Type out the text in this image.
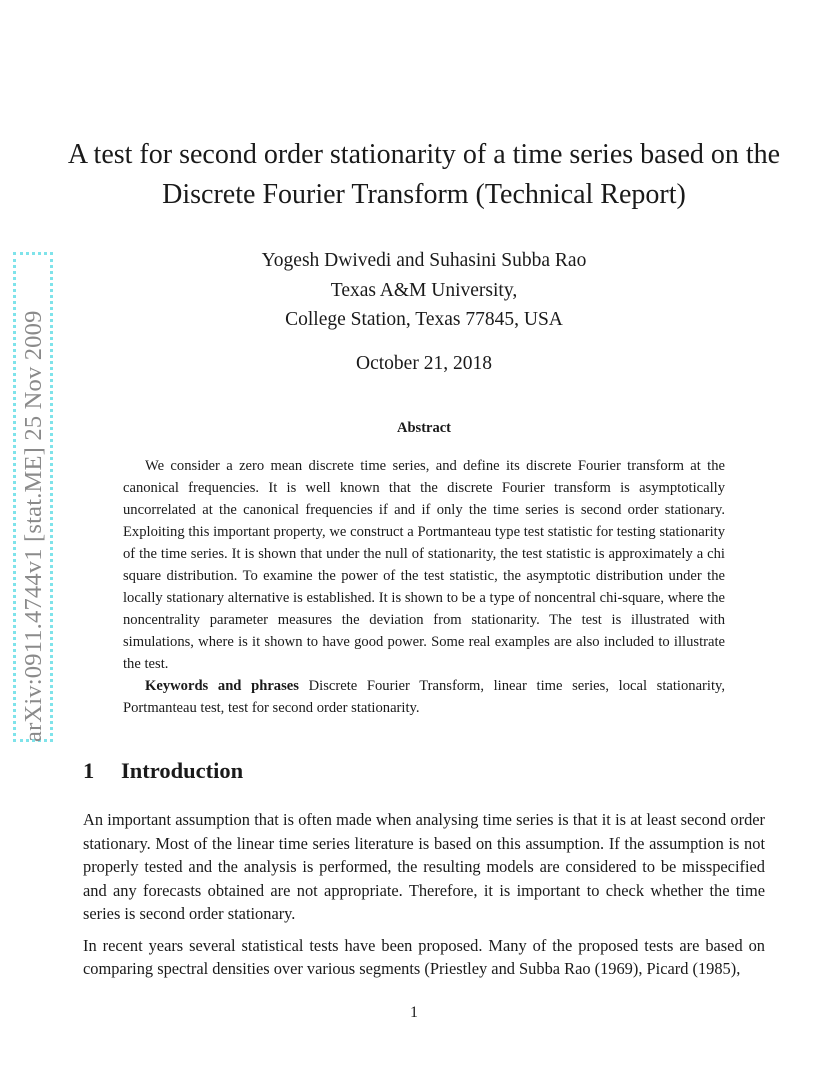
arXiv:0911.4744v1 [stat.ME] 25 Nov 2009
A test for second order stationarity of a time series based on the Discrete Fourier Transform (Technical Report)
Yogesh Dwivedi and Suhasini Subba Rao
Texas A&M University,
College Station, Texas 77845, USA
October 21, 2018
Abstract

We consider a zero mean discrete time series, and define its discrete Fourier transform at the canonical frequencies. It is well known that the discrete Fourier transform is asymptotically uncorrelated at the canonical frequencies if and if only the time series is second order stationary. Exploiting this important property, we construct a Portmanteau type test statistic for testing stationarity of the time series. It is shown that under the null of stationarity, the test statistic is approximately a chi square distribution. To examine the power of the test statistic, the asymptotic distribution under the locally stationary alternative is established. It is shown to be a type of noncentral chi-square, where the noncentrality parameter measures the deviation from stationarity. The test is illustrated with simulations, where is it shown to have good power. Some real examples are also included to illustrate the test.

Keywords and phrases Discrete Fourier Transform, linear time series, local stationarity, Portmanteau test, test for second order stationarity.

1 Introduction

An important assumption that is often made when analysing time series is that it is at least second order stationary. Most of the linear time series literature is based on this assumption. If the assumption is not properly tested and the analysis is performed, the resulting models are considered to be misspecified and any forecasts obtained are not appropriate. Therefore, it is important to check whether the time series is second order stationary.

In recent years several statistical tests have been proposed. Many of the proposed tests are based on comparing spectral densities over various segments (Priestley and Subba Rao (1969), Picard (1985),

1
